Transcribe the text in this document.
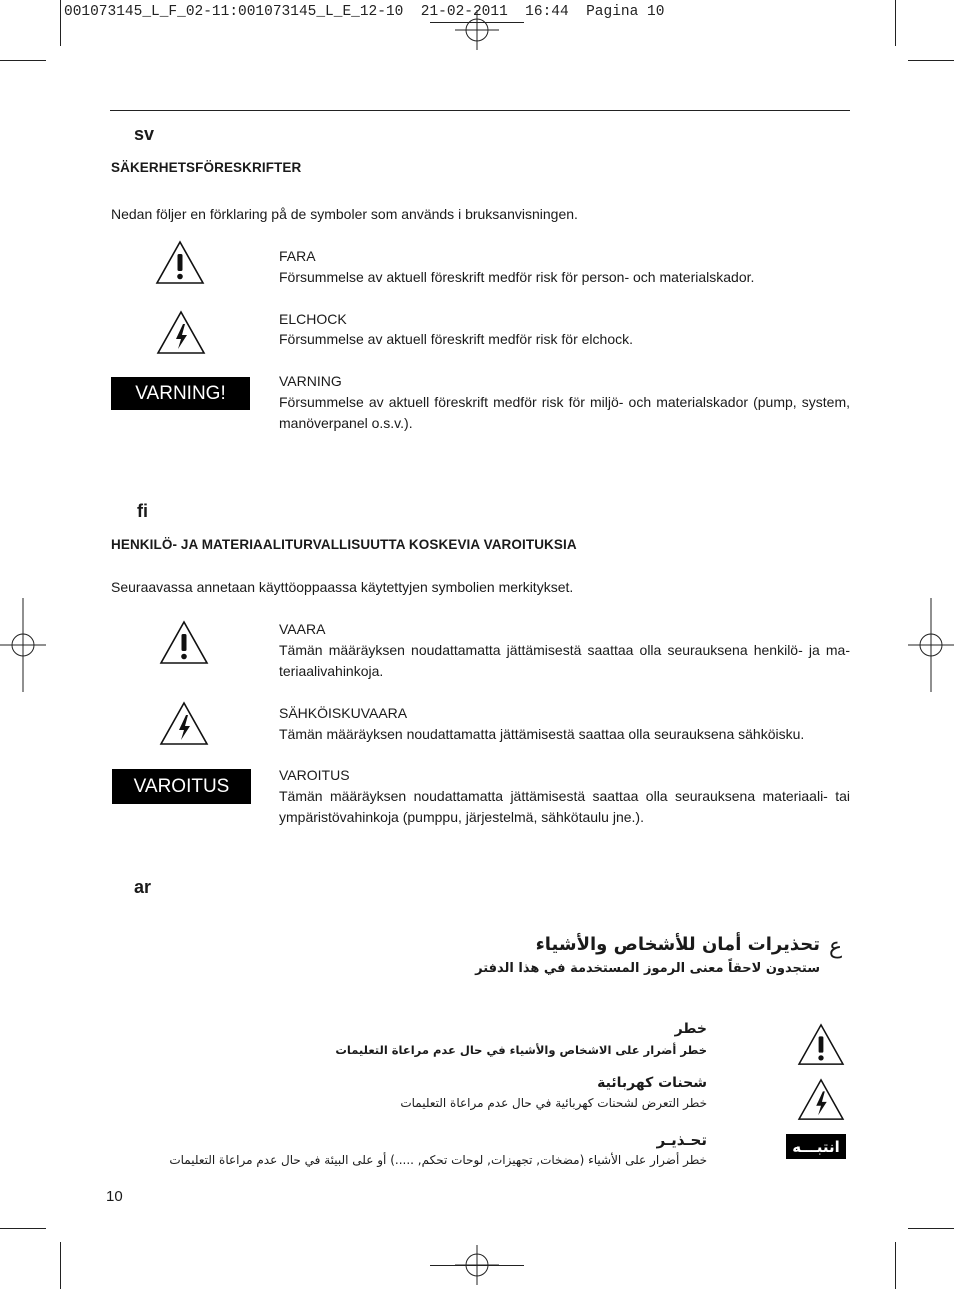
001073145_L_F_02-11:001073145_L_E_12-10  21-02-2011  16:44  Pagina 10
sv
SÄKERHETSFÖRESKRIFTER
Nedan följer en förklaring på de symboler som används i bruksanvisningen.
FARA
Försummelse av aktuell föreskrift medför risk för person- och materialskador.
ELCHOCK
Försummelse av aktuell föreskrift medför risk för elchock.
VARNING!
VARNING
Försummelse av aktuell föreskrift medför risk för miljö- och materialskador (pump, system, manöverpanel o.s.v.).
fi
HENKILÖ- JA MATERIAALITURVALLISUUTTA KOSKEVIA VAROITUKSIA
Seuraavassa annetaan käyttöoppaassa käytettyjen symbolien merkitykset.
VAARA
Tämän määräyksen noudattamatta jättämisestä saattaa olla seurauksena henkilö- ja ma-teriaalivahinkoja.
SÄHKÖISKUVAARA
Tämän määräyksen noudattamatta jättämisestä saattaa olla seurauksena sähköisku.
VAROITUS
VAROITUS
Tämän määräyksen noudattamatta jättämisestä saattaa olla seurauksena materiaali- tai ympäristövahinkoja (pumppu, järjestelmä, sähkötaulu jne.).
ar
ع
تحذيرات أمان للأشخاص والأشياء
ستجدون لاحقاً معنى الرموز المستخدمة في هذا الدفتر
خطر
خطر أضرار على الاشخاص والأشياء في حال عدم مراعاة التعليمات
شحنات كهربائية
خطر التعرض لشحنات كهربائية في حال عدم مراعاة التعليمات
تحـذيـر
خطر أضرار على الأشياء (مضخات, تجهيزات, لوحات تحكم, .....) أو على البيئة في حال عدم مراعاة التعليمات
انتبـــه
10
